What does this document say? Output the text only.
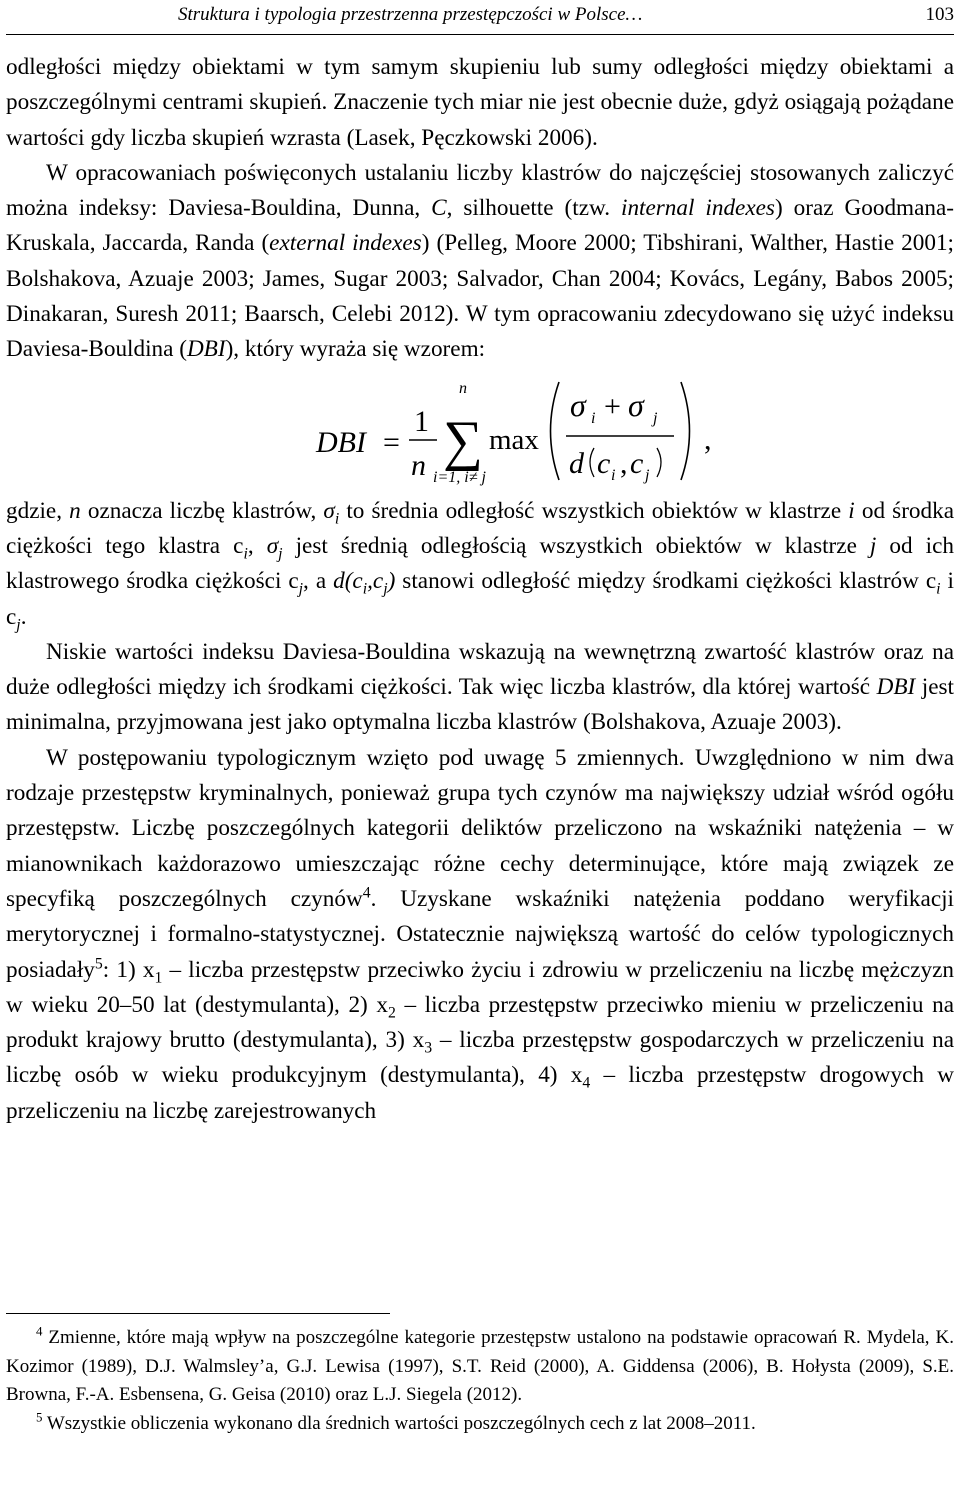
Struktura i typologia przestrzenna przestępczości w Polsce…	103

odległości między obiektami w tym samym skupieniu lub sumy odległości między obiektami a poszczególnymi centrami skupień. Znaczenie tych miar nie jest obecnie duże, gdyż osiągają pożądane wartości gdy liczba skupień wzrasta (Lasek, Pęczkowski 2006).

W opracowaniach poświęconych ustalaniu liczby klastrów do najczęściej stosowanych zaliczyć można indeksy: Daviesa-Bouldina, Dunna, C, silhouette (tzw. internal indexes) oraz Goodmana-Kruskala, Jaccarda, Randa (external indexes) (Pelleg, Moore 2000; Tibshirani, Walther, Hastie 2001; Bolshakova, Azuaje 2003; James, Sugar 2003; Salvador, Chan 2004; Kovács, Legány, Babos 2005; Dinakaran, Suresh 2011; Baarsch, Celebi 2012). W tym opracowaniu zdecydowano się użyć indeksu Daviesa-Bouldina (DBI), który wyraża się wzorem:

DBI =
1
n
n
∑
i=1, i≠ j
max
σ i + σ j
d c i , c j
,

gdzie, n oznacza liczbę klastrów, $\sigma_i$ to średnia odległość wszystkich obiektów w klastrze i od środka ciężkości tego klastra $c_i$, $\sigma_j$ jest średnią odległością wszystkich obiektów w klastrze j od ich klastrowego środka ciężkości $c_j$, a $d(c_i,c_j)$ stanowi odległość między środkami ciężkości klastrów $c_i$ i $c_j$.

Niskie wartości indeksu Daviesa-Bouldina wskazują na wewnętrzną zwartość klastrów oraz na duże odległości między ich środkami ciężkości. Tak więc liczba klastrów, dla której wartość DBI jest minimalna, przyjmowana jest jako optymalna liczba klastrów (Bolshakova, Azuaje 2003).

W postępowaniu typologicznym wzięto pod uwagę 5 zmiennych. Uwzględniono w nim dwa rodzaje przestępstw kryminalnych, ponieważ grupa tych czynów ma największy udział wśród ogółu przestępstw. Liczbę poszczególnych kategorii deliktów przeliczono na wskaźniki natężenia – w mianownikach każdorazowo umieszczając różne cechy determinujące, które mają związek ze specyfiką poszczególnych czynów$^4$. Uzyskane wskaźniki natężenia poddano weryfikacji merytorycznej i formalno-statystycznej. Ostatecznie największą wartość do celów typologicznych posiadały$^5$: 1) $x_1$ – liczba przestępstw przeciwko życiu i zdrowiu w przeliczeniu na liczbę mężczyzn w wieku 20–50 lat (destymulanta), 2) $x_2$ – liczba przestępstw przeciwko mieniu w przeliczeniu na produkt krajowy brutto (destymulanta), 3) $x_3$ – liczba przestępstw gospodarczych w przeliczeniu na liczbę osób w wieku produkcyjnym (destymulanta), 4) $x_4$ – liczba przestępstw drogowych w przeliczeniu na liczbę zarejestrowanych

$^4$ Zmienne, które mają wpływ na poszczególne kategorie przestępstw ustalono na podstawie opracowań R. Mydela, K. Kozimor (1989), D.J. Walmsley’a, G.J. Lewisa (1997), S.T. Reid (2000), A. Giddensa (2006), B. Hołysta (2009), S.E. Browna, F.-A. Esbensena, G. Geisa (2010) oraz L.J. Siegela (2012).

$^5$ Wszystkie obliczenia wykonano dla średnich wartości poszczególnych cech z lat 2008–2011.
